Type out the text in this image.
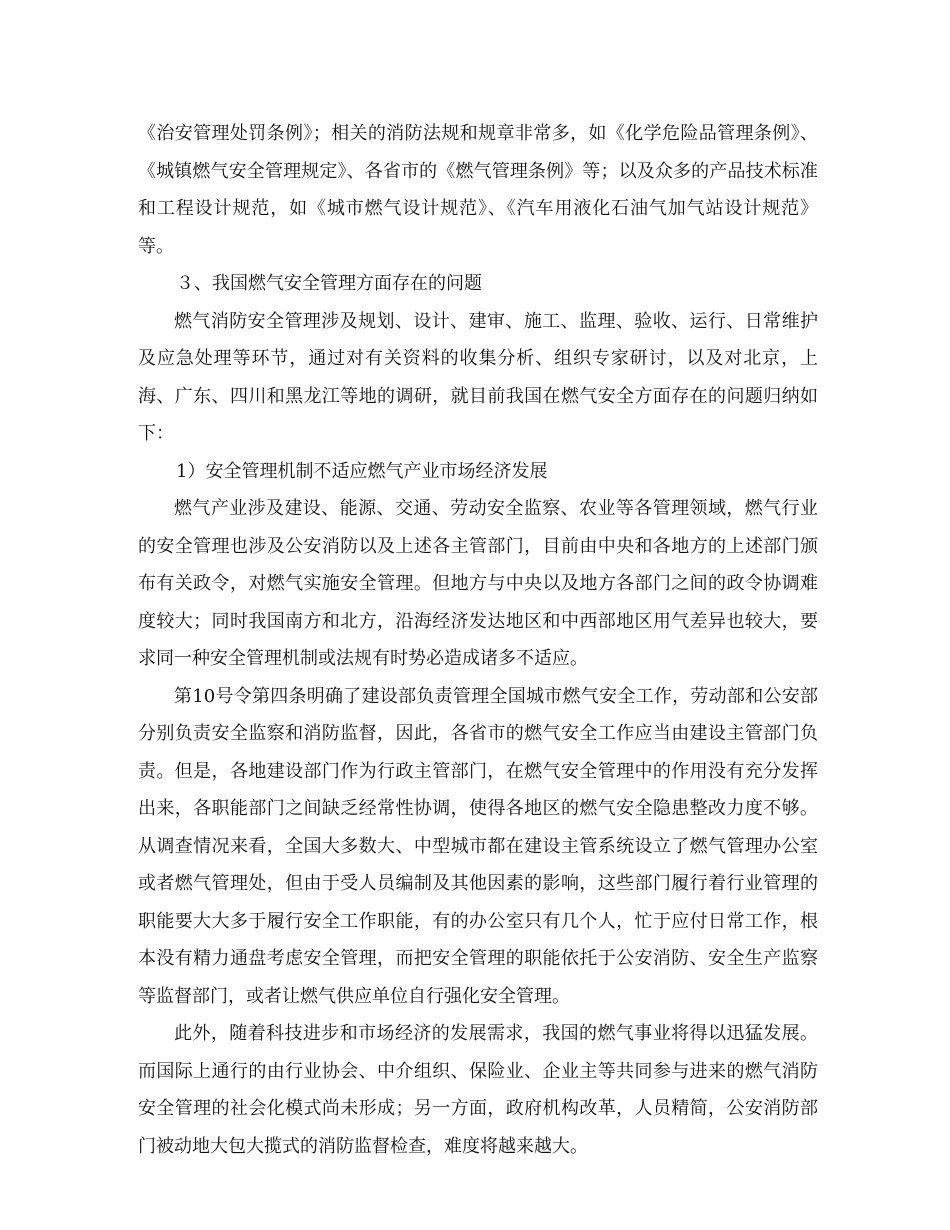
《治安管理处罚条例》；相关的消防法规和规章非常多，如《化学危险品管理条例》、《城镇燃气安全管理规定》、各省市的《燃气管理条例》等；以及众多的产品技术标准和工程设计规范，如《城市燃气设计规范》、《汽车用液化石油气加气站设计规范》等。

３、我国燃气安全管理方面存在的问题

燃气消防安全管理涉及规划、设计、建审、施工、监理、验收、运行、日常维护及应急处理等环节，通过对有关资料的收集分析、组织专家研讨，以及对北京，上海、广东、四川和黑龙江等地的调研，就目前我国在燃气安全方面存在的问题归纳如下：

1）安全管理机制不适应燃气产业市场经济发展

燃气产业涉及建设、能源、交通、劳动安全监察、农业等各管理领域，燃气行业的安全管理也涉及公安消防以及上述各主管部门，目前由中央和各地方的上述部门颁布有关政令，对燃气实施安全管理。但地方与中央以及地方各部门之间的政令协调难度较大；同时我国南方和北方，沿海经济发达地区和中西部地区用气差异也较大，要求同一种安全管理机制或法规有时势必造成诸多不适应。

第10号令第四条明确了建设部负责管理全国城市燃气安全工作，劳动部和公安部分别负责安全监察和消防监督，因此，各省市的燃气安全工作应当由建设主管部门负责。但是，各地建设部门作为行政主管部门，在燃气安全管理中的作用没有充分发挥出来，各职能部门之间缺乏经常性协调，使得各地区的燃气安全隐患整改力度不够。从调查情况来看，全国大多数大、中型城市都在建设主管系统设立了燃气管理办公室或者燃气管理处，但由于受人员编制及其他因素的影响，这些部门履行着行业管理的职能要大大多于履行安全工作职能，有的办公室只有几个人，忙于应付日常工作，根本没有精力通盘考虑安全管理，而把安全管理的职能依托于公安消防、安全生产监察等监督部门，或者让燃气供应单位自行强化安全管理。

此外，随着科技进步和市场经济的发展需求，我国的燃气事业将得以迅猛发展。而国际上通行的由行业协会、中介组织、保险业、企业主等共同参与进来的燃气消防安全管理的社会化模式尚未形成；另一方面，政府机构改革，人员精简，公安消防部门被动地大包大揽式的消防监督检查，难度将越来越大。
